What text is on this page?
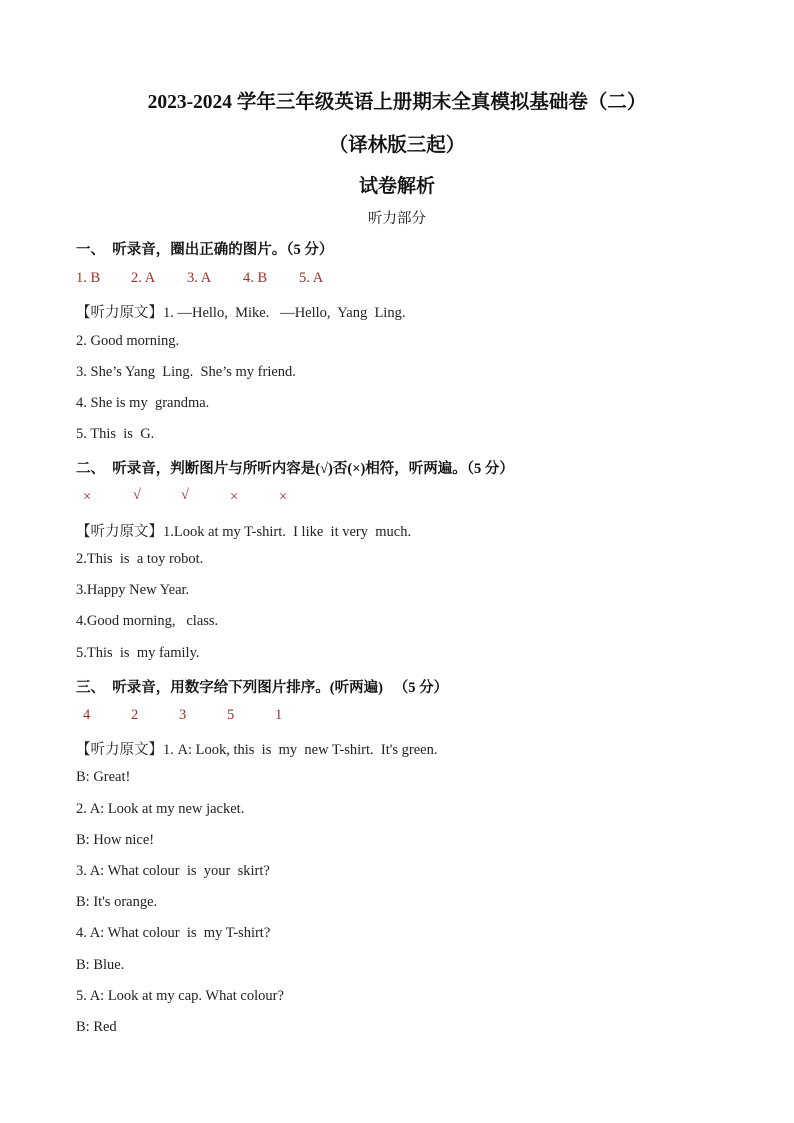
2023-2024 学年三年级英语上册期末全真模拟基础卷（二）
（译林版三起）
试卷解析
听力部分
一、  听录音，圈出正确的图片。（5 分）
1. B 2. A 3. A 4. B 5. A
【听力原文】1. —Hello,  Mike.   —Hello,  Yang  Ling.
2. Good morning.
3. She’s Yang  Ling.  She’s my friend.
4. She is my  grandma.
5. This  is  G.
二、  听录音，判断图片与所听内容是(√)否(×)相符，听两遍。（5 分）
×	√	√	×	×
【听力原文】1.Look at my T-shirt.  I like  it very  much.
2.This  is  a toy robot.
3.Happy New Year.
4.Good morning,   class.
5.This  is  my family.
三、  听录音，用数字给下列图片排序。(听两遍)   （5 分）
4	2	3	5	1
【听力原文】1. A: Look, this  is  my  new T-shirt.  It's green.
B: Great!
2. A: Look at my new jacket.
B: How nice!
3. A: What colour  is  your  skirt?
B: It's orange.
4. A: What colour  is  my T-shirt?
B: Blue.
5. A: Look at my cap. What colour?
B: Red
